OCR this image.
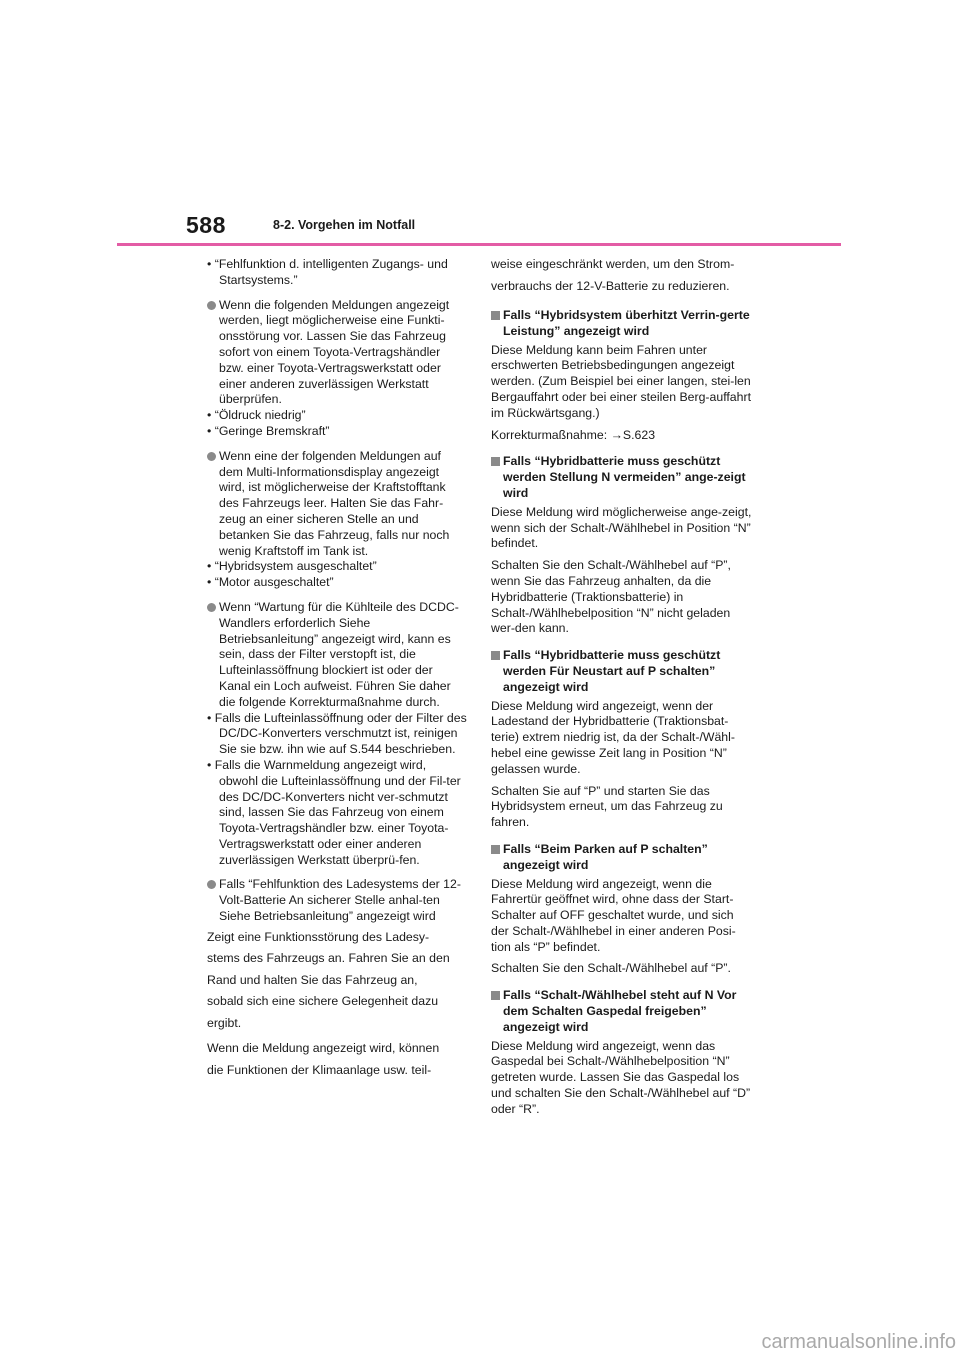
588	8-2. Vorgehen im Notfall

• “Fehlfunktion d. intelligenten Zugangs- und Startsystems.”

Wenn die folgenden Meldungen angezeigt werden, liegt möglicherweise eine Funkti-onsstörung vor. Lassen Sie das Fahrzeug sofort von einem Toyota-Vertragshändler bzw. einer Toyota-Vertragswerkstatt oder einer anderen zuverlässigen Werkstatt überprüfen.

• “Öldruck niedrig”

• “Geringe Bremskraft”

Wenn eine der folgenden Meldungen auf dem Multi-Informationsdisplay angezeigt wird, ist möglicherweise der Kraftstofftank des Fahrzeugs leer. Halten Sie das Fahr-zeug an einer sicheren Stelle an und betanken Sie das Fahrzeug, falls nur noch wenig Kraftstoff im Tank ist.

• “Hybridsystem ausgeschaltet”

• “Motor ausgeschaltet”

Wenn “Wartung für die Kühlteile des DCDC-Wandlers erforderlich Siehe Betriebsanleitung” angezeigt wird, kann es sein, dass der Filter verstopft ist, die Lufteinlassöffnung blockiert ist oder der Kanal ein Loch aufweist. Führen Sie daher die folgende Korrekturmaßnahme durch.

• Falls die Lufteinlassöffnung oder der Filter des DC/DC-Konverters verschmutzt ist, reinigen Sie sie bzw. ihn wie auf S.544 beschrieben.

• Falls die Warnmeldung angezeigt wird, obwohl die Lufteinlassöffnung und der Fil-ter des DC/DC-Konverters nicht ver-schmutzt sind, lassen Sie das Fahrzeug von einem Toyota-Vertragshändler bzw. einer Toyota-Vertragswerkstatt oder einer anderen zuverlässigen Werkstatt überprü-fen.

Falls “Fehlfunktion des Ladesystems der 12-Volt-Batterie An sicherer Stelle anhal-ten Siehe Betriebsanleitung” angezeigt wird

Zeigt eine Funktionsstörung des Ladesy-

stems des Fahrzeugs an. Fahren Sie an den

Rand und halten Sie das Fahrzeug an,

sobald sich eine sichere Gelegenheit dazu

ergibt.

Wenn die Meldung angezeigt wird, können

die Funktionen der Klimaanlage usw. teil-

weise eingeschränkt werden, um den Strom-

verbrauchs der 12-V-Batterie zu reduzieren.

Falls “Hybridsystem überhitzt Verrin-gerte Leistung” angezeigt wird

Diese Meldung kann beim Fahren unter erschwerten Betriebsbedingungen angezeigt werden. (Zum Beispiel bei einer langen, stei-len Bergauffahrt oder bei einer steilen Berg-auffahrt im Rückwärtsgang.)

Korrekturmaßnahme: →S.623

Falls “Hybridbatterie muss geschützt werden Stellung N vermeiden” ange-zeigt wird

Diese Meldung wird möglicherweise ange-zeigt, wenn sich der Schalt-/Wählhebel in Position “N” befindet.

Schalten Sie den Schalt-/Wählhebel auf “P”, wenn Sie das Fahrzeug anhalten, da die Hybridbatterie (Traktionsbatterie) in Schalt-/Wählhebelposition “N” nicht geladen wer-den kann.

Falls “Hybridbatterie muss geschützt werden Für Neustart auf P schalten” angezeigt wird

Diese Meldung wird angezeigt, wenn der Ladestand der Hybridbatterie (Traktionsbat-terie) extrem niedrig ist, da der Schalt-/Wähl-hebel eine gewisse Zeit lang in Position “N” gelassen wurde.

Schalten Sie auf “P” und starten Sie das Hybridsystem erneut, um das Fahrzeug zu fahren.

Falls “Beim Parken auf P schalten” angezeigt wird

Diese Meldung wird angezeigt, wenn die Fahrertür geöffnet wird, ohne dass der Start-Schalter auf OFF geschaltet wurde, und sich der Schalt-/Wählhebel in einer anderen Posi-tion als “P” befindet.

Schalten Sie den Schalt-/Wählhebel auf “P”.

Falls “Schalt-/Wählhebel steht auf N Vor dem Schalten Gaspedal freigeben” angezeigt wird

Diese Meldung wird angezeigt, wenn das Gaspedal bei Schalt-/Wählhebelposition “N” getreten wurde. Lassen Sie das Gaspedal los und schalten Sie den Schalt-/Wählhebel auf “D” oder “R”.

carmanualsonline.info
